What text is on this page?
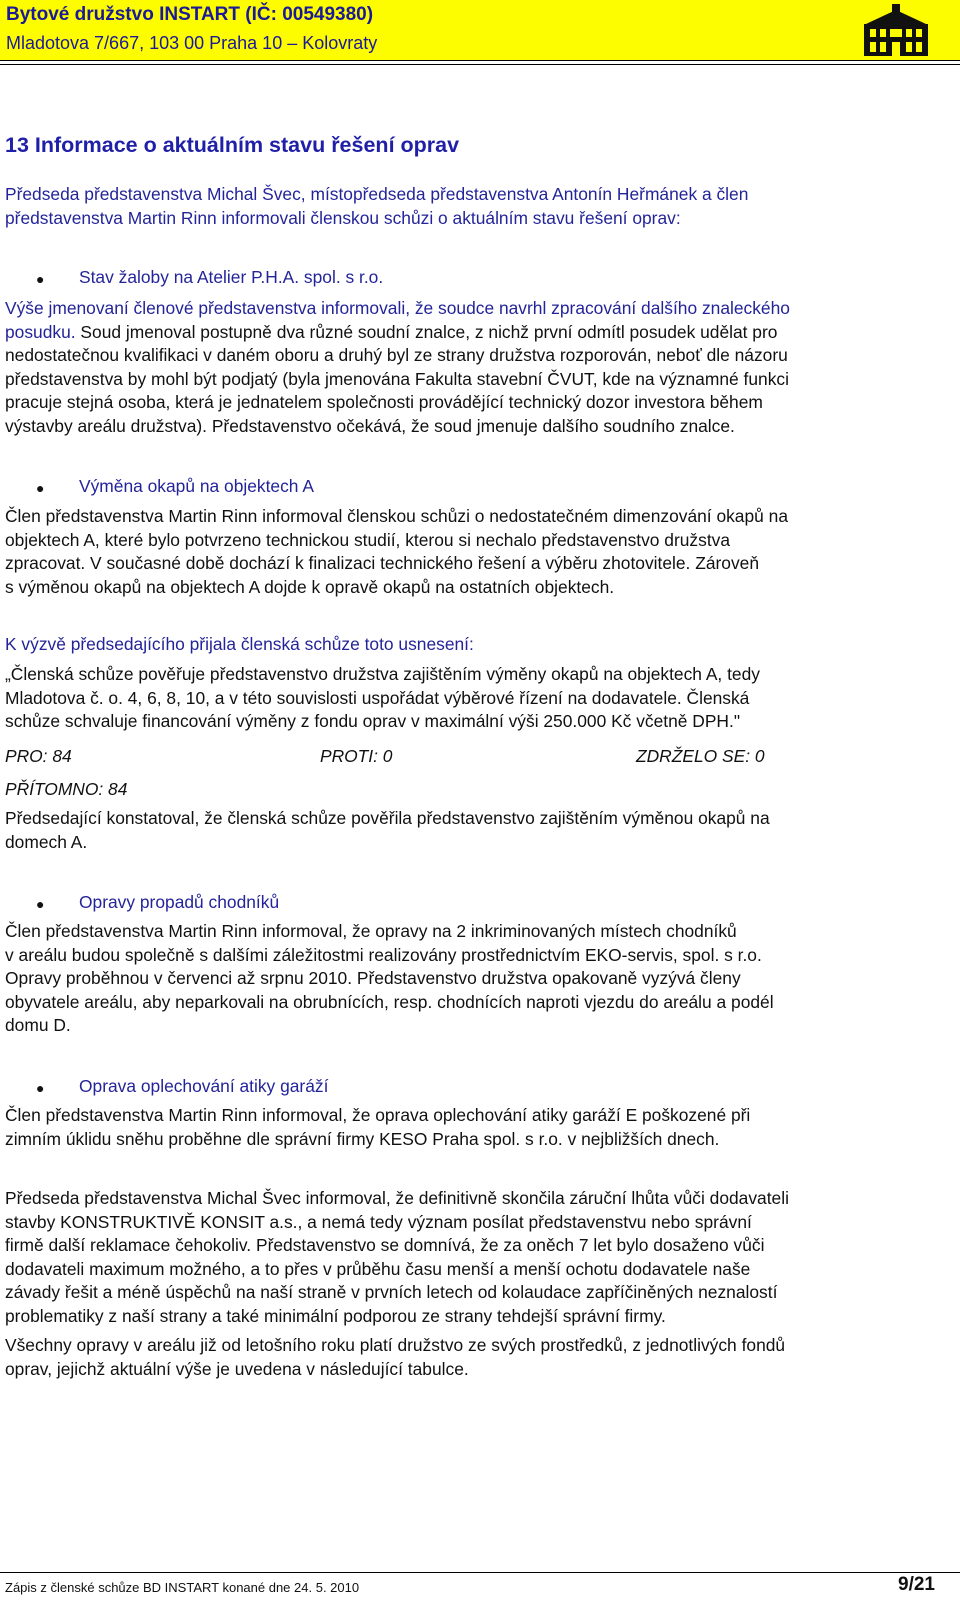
Bytové družstvo INSTART (IČ: 00549380)
Mladotova 7/667, 103 00 Praha 10 – Kolovraty
13 Informace o aktuálním stavu řešení oprav
Předseda představenstva Michal Švec, místopředseda představenstva Antonín Heřmánek a člen
představenstva Martin Rinn informovali členskou schůzi o aktuálním stavu řešení oprav:
● Stav žaloby na Atelier P.H.A. spol. s r.o.
Výše jmenovaní členové představenstva informovali, že soudce navrhl zpracování dalšího znaleckého
posudku. Soud jmenoval postupně dva různé soudní znalce, z nichž první odmítl posudek udělat pro
nedostatečnou kvalifikaci v daném oboru a druhý byl ze strany družstva rozporován, neboť dle názoru
představenstva by mohl být podjatý (byla jmenována Fakulta stavební ČVUT, kde na významné funkci
pracuje stejná osoba, která je jednatelem společnosti provádějící technický dozor investora během
výstavby areálu družstva). Představenstvo očekává, že soud jmenuje dalšího soudního znalce.
● Výměna okapů na objektech A
Člen představenstva Martin Rinn informoval členskou schůzi o nedostatečném dimenzování okapů na
objektech A, které bylo potvrzeno technickou studií, kterou si nechalo představenstvo družstva
zpracovat. V současné době dochází k finalizaci technického řešení a výběru zhotovitele. Zároveň
s výměnou okapů na objektech A dojde k opravě okapů na ostatních objektech.
K výzvě předsedajícího přijala členská schůze toto usnesení:
„Členská schůze pověřuje představenstvo družstva zajištěním výměny okapů na objektech A, tedy
Mladotova č. o. 4, 6, 8, 10, a v této souvislosti uspořádat výběrové řízení na dodavatele. Členská
schůze schvaluje financování výměny z fondu oprav v maximální výši 250.000 Kč včetně DPH."
PRO: 84	PROTI: 0	ZDRŽELO SE: 0
PŘÍTOMNO: 84
Předsedající konstatoval, že členská schůze pověřila představenstvo zajištěním výměnou okapů na
domech A.
● Opravy propadů chodníků
Člen představenstva Martin Rinn informoval, že opravy na 2 inkriminovaných místech chodníků
v areálu budou společně s dalšími záležitostmi realizovány prostřednictvím EKO-servis, spol. s r.o.
Opravy proběhnou v červenci až srpnu 2010. Představenstvo družstva opakovaně vyzývá členy
obyvatele areálu, aby neparkovali na obrubnících, resp. chodnících naproti vjezdu do areálu a podél
domu D.
● Oprava oplechování atiky garáží
Člen představenstva Martin Rinn informoval, že oprava oplechování atiky garáží E poškozené při
zimním úklidu sněhu proběhne dle správní firmy KESO Praha spol. s r.o. v nejbližších dnech.
Předseda představenstva Michal Švec informoval, že definitivně skončila záruční lhůta vůči dodavateli
stavby KONSTRUKTIVĚ KONSIT a.s., a nemá tedy význam posílat představenstvu nebo správní
firmě další reklamace čehokoliv. Představenstvo se domnívá, že za oněch 7 let bylo dosaženo vůči
dodavateli maximum možného, a to přes v průběhu času menší a menší ochotu dodavatele naše
závady řešit a méně úspěchů na naší straně v prvních letech od kolaudace zapříčiněných neznalostí
problematiky z naší strany a také minimální podporou ze strany tehdejší správní firmy.
Všechny opravy v areálu již od letošního roku platí družstvo ze svých prostředků, z jednotlivých fondů
oprav, jejichž aktuální výše je uvedena v následující tabulce.
Zápis z členské schůze BD INSTART konané dne 24. 5. 2010	9/21
